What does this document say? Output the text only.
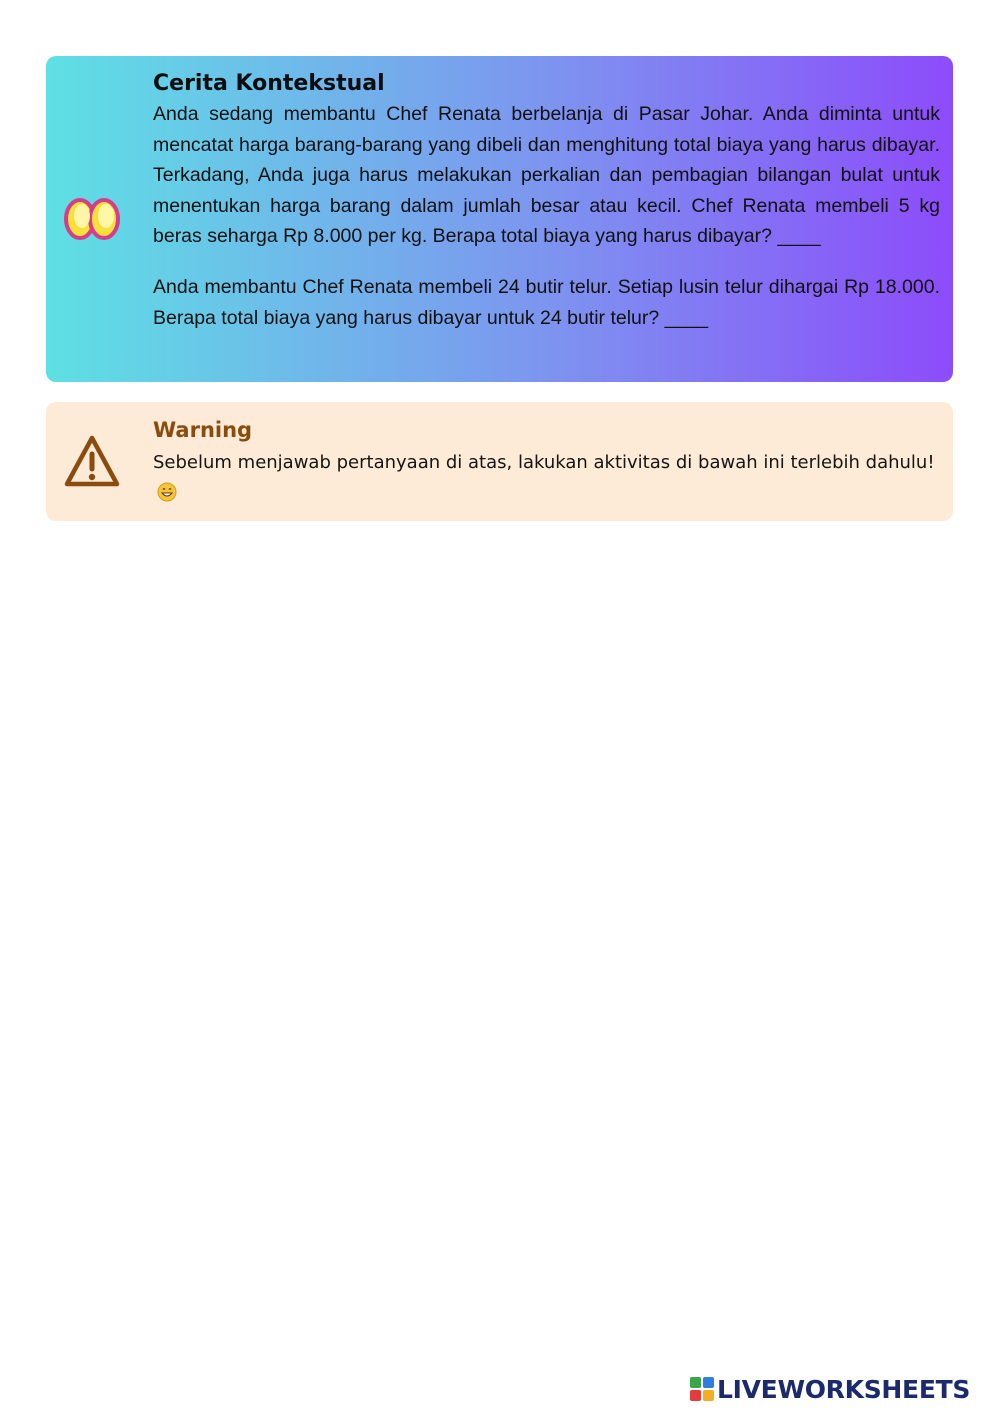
Cerita Kontekstual

Anda sedang membantu Chef Renata berbelanja di Pasar Johar. Anda diminta untuk mencatat harga barang-barang yang dibeli dan menghitung total biaya yang harus dibayar. Terkadang, Anda juga harus melakukan perkalian dan pembagian bilangan bulat untuk menentukan harga barang dalam jumlah besar atau kecil. Chef Renata membeli 5 kg beras seharga Rp 8.000 per kg. Berapa total biaya yang harus dibayar? ____

Anda membantu Chef Renata membeli 24 butir telur. Setiap lusin telur dihargai Rp 18.000. Berapa total biaya yang harus dibayar untuk 24 butir telur? ____

Warning

Sebelum menjawab pertanyaan di atas, lakukan aktivitas di bawah ini terlebih dahulu!

LIVEWORKSHEETS
